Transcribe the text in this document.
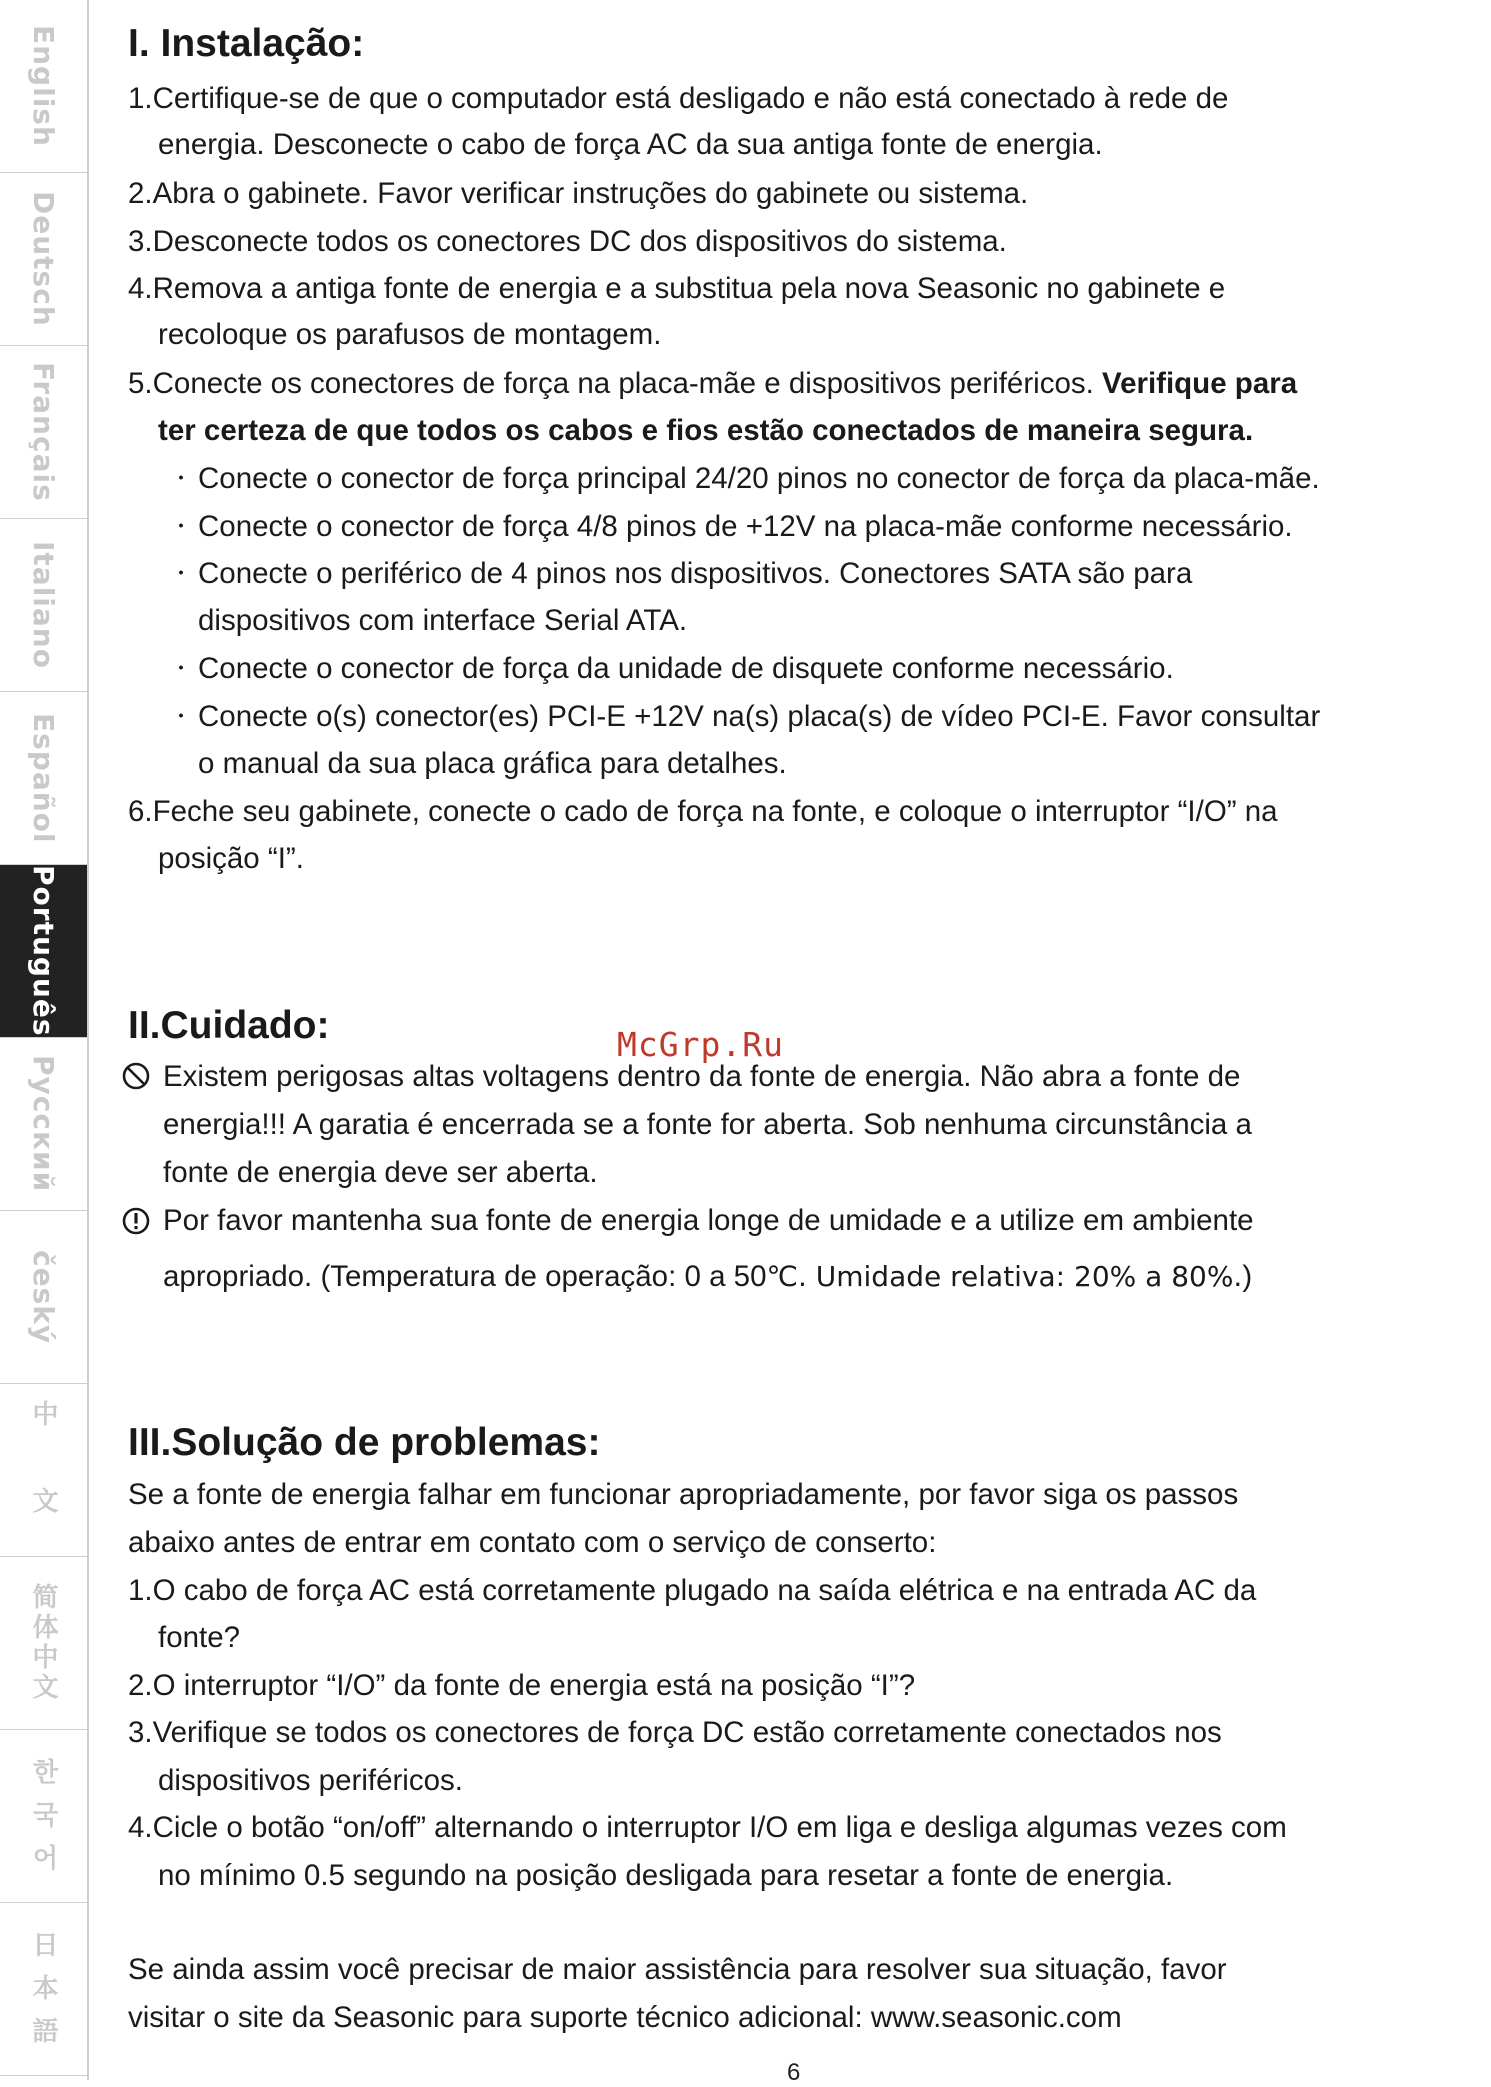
English
Deutsch
Français
Italiano
Español
Português
Русский
český
中 文
简体中文
한 국 어
日 本 語
I. Instalação:
1.Certifique-se de que o computador está desligado e não está conectado à rede de
energia. Desconecte o cabo de força AC da sua antiga fonte de energia.
2.Abra o gabinete. Favor verificar instruções do gabinete ou sistema.
3.Desconecte todos os conectores DC dos dispositivos do sistema.
4.Remova a antiga fonte de energia e a substitua pela nova Seasonic no gabinete e
recoloque os parafusos de montagem.
5.Conecte os conectores de força na placa-mãe e dispositivos periféricos. Verifique para
ter certeza de que todos os cabos e fios estão conectados de maneira segura.
・ Conecte o conector de força principal 24/20 pinos no conector de força da placa-mãe.
・ Conecte o conector de força 4/8 pinos de +12V na placa-mãe conforme necessário.
・ Conecte o periférico de 4 pinos nos dispositivos. Conectores SATA são para
dispositivos com interface Serial ATA.
・ Conecte o conector de força da unidade de disquete conforme necessário.
・ Conecte o(s) conector(es) PCI-E +12V na(s) placa(s) de vídeo PCI-E. Favor consultar
o manual da sua placa gráfica para detalhes.
6.Feche seu gabinete, conecte o cado de força na fonte, e coloque o interruptor “I/O” na
posição “I”.
II.Cuidado:	McGrp.Ru
Existem perigosas altas voltagens dentro da fonte de energia. Não abra a fonte de
energia!!! A garatia é encerrada se a fonte for aberta. Sob nenhuma circunstância a
fonte de energia deve ser aberta.
Por favor mantenha sua fonte de energia longe de umidade e a utilize em ambiente
apropriado. (Temperatura de operação: 0 a 50℃. Umidade relativa: 20% a 80%.)
III.Solução de problemas:
Se a fonte de energia falhar em funcionar apropriadamente, por favor siga os passos
abaixo antes de entrar em contato com o serviço de conserto:
1.O cabo de força AC está corretamente plugado na saída elétrica e na entrada AC da
fonte?
2.O interruptor “I/O” da fonte de energia está na posição “I”?
3.Verifique se todos os conectores de força DC estão corretamente conectados nos
dispositivos periféricos.
4.Cicle o botão “on/off” alternando o interruptor I/O em liga e desliga algumas vezes com
no mínimo 0.5 segundo na posição desligada para resetar a fonte de energia.
Se ainda assim você precisar de maior assistência para resolver sua situação, favor
visitar o site da Seasonic para suporte técnico adicional: www.seasonic.com
6
